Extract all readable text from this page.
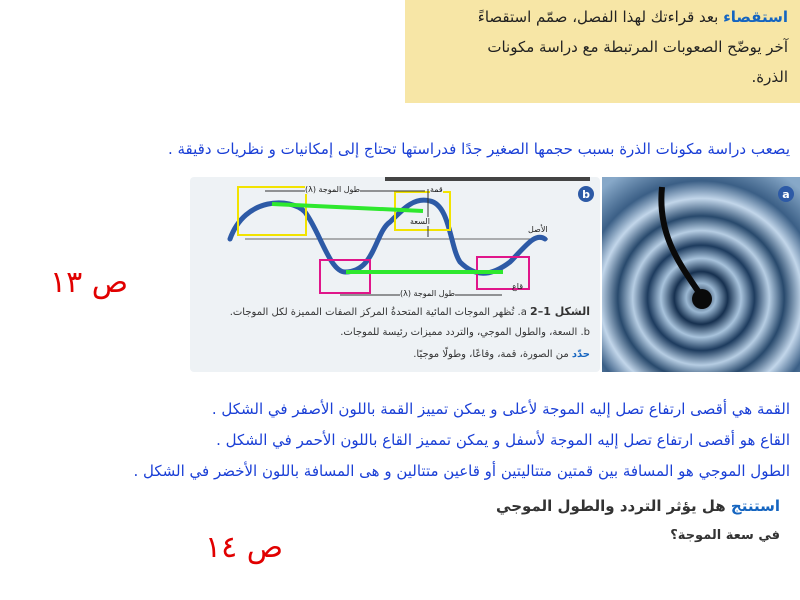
استقصاء بعد قراءتك لهذا الفصل، صمّم استقصاءً
آخر يوضّح الصعوبات المرتبطة مع دراسة مكونات
الذرة.
يصعب دراسة مكونات الذرة بسبب حجمها الصغير جدًا فدراستها تحتاج إلى إمكانيات و نظريات دقيقة .
ص ١٣
b
طول الموجة (λ)	قمة
السعة
الأصل
قاع
طول الموجة (λ)
الشكل 1–2 a. تُظهر الموجات المائية المتحدةُ المركز الصفات المميزة لكل الموجات.
b. السعة، والطول الموجي، والتردد مميزات رئيسة للموجات.
حدّد من الصورة، قمة، وقاعًا، وطولًا موجيًا.
a
القمة هي أقصى ارتفاع تصل إليه الموجة لأعلى و يمكن تمييز القمة باللون الأصفر في الشكل .
القاع هو أقصى ارتفاع تصل إليه الموجة لأسفل و يمكن تمميز القاع باللون الأحمر في الشكل .
الطول الموجي هو المسافة بين قمتين متتاليتين أو قاعين متتالين و هى المسافة باللون الأخضر في الشكل .
استنتج هل يؤثر التردد والطول الموجي
في سعة الموجة؟
ص ١٤
